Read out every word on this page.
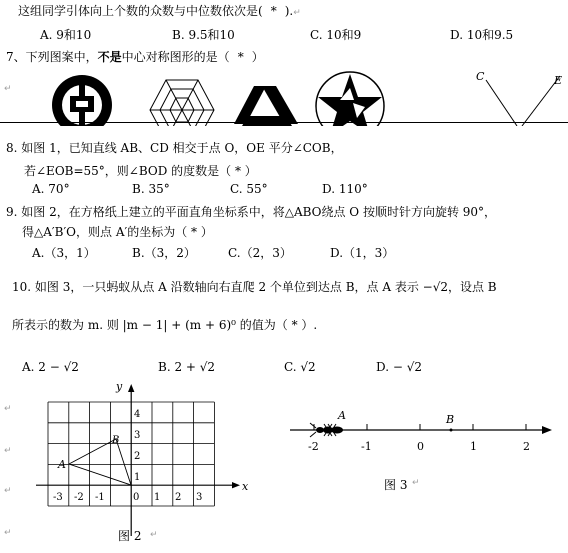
这组同学引体向上个数的众数与中位数依次是( * ).↵
A. 9和10	B. 9.5和10	C. 10和9	D. 10和9.5
7、下列图案中，不是中心对称图形的是（ * ）
↵
C	E
8. 如图 1，已知直线 AB、CD 相交于点 O，OE 平分∠COB，
若∠EOB=55°，则∠BOD 的度数是（ * ）
A. 70°	B. 35°	C. 55°	D. 110°
9. 如图 2，在方格纸上建立的平面直角坐标系中，将△ABO绕点 O 按顺时针方向旋转 90°，
得△A′B′O，则点 A′的坐标为（ * ）
A.（3，1）	B.（3，2）	C.（2，3）	D.（1，3）
10. 如图 3，一只蚂蚁从点 A 沿数轴向右直爬 2 个单位到达点 B，点 A 表示 −√2，设点 B
所表示的数为 m. 则 |m − 1| + (m + 6)⁰ 的值为（ * ）.
A. 2 − √2	B. 2 + √2	C. √2	D. − √2
↵
↵
↵
↵
x
y
-3 -2 -1	0 1 2 3
1
2
3
4
A
B
图 2 ↵
A	B
-2	-1	0	1	2
图 3 ↵
